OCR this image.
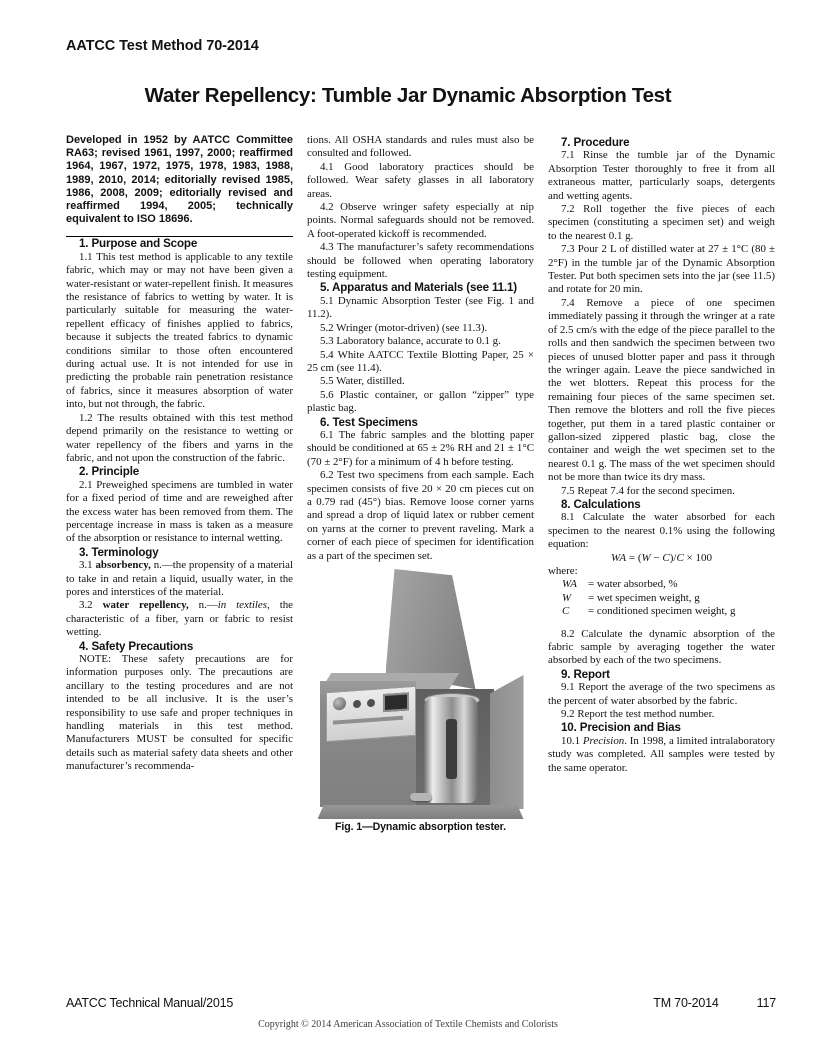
AATCC Test Method 70-2014
Water Repellency: Tumble Jar Dynamic Absorption Test

Developed in 1952 by AATCC Committee RA63; revised 1961, 1997, 2000; reaffirmed 1964, 1967, 1972, 1975, 1978, 1983, 1988, 1989, 2010, 2014; editorially revised 1985, 1986, 2008, 2009; editorially revised and reaffirmed 1994, 2005; technically equivalent to ISO 18696.

1. Purpose and Scope

1.1 This test method is applicable to any textile fabric, which may or may not have been given a water-resistant or water-repellent finish. It measures the resistance of fabrics to wetting by water. It is particularly suitable for measuring the water-repellent efficacy of finishes applied to fabrics, because it subjects the treated fabrics to dynamic conditions similar to those often encountered during actual use. It is not intended for use in predicting the probable rain penetration resistance of fabrics, since it measures absorption of water into, but not through, the fabric.

1.2 The results obtained with this test method depend primarily on the resistance to wetting or water repellency of the fibers and yarns in the fabric, and not upon the construction of the fabric.

2. Principle

2.1 Preweighed specimens are tumbled in water for a fixed period of time and are reweighed after the excess water has been removed from them. The percentage increase in mass is taken as a measure of the absorption or resistance to internal wetting.

3. Terminology

3.1 absorbency, n.—the propensity of a material to take in and retain a liquid, usually water, in the pores and interstices of the material.

3.2 water repellency, n.—in textiles, the characteristic of a fiber, yarn or fabric to resist wetting.

4. Safety Precautions

NOTE: These safety precautions are for information purposes only. The precautions are ancillary to the testing procedures and are not intended to be all inclusive. It is the user’s responsibility to use safe and proper techniques in handling materials in this test method. Manufacturers MUST be consulted for specific details such as material safety data sheets and other manufacturer’s recommenda-

tions. All OSHA standards and rules must also be consulted and followed.

4.1 Good laboratory practices should be followed. Wear safety glasses in all laboratory areas.

4.2 Observe wringer safety especially at nip points. Normal safeguards should not be removed. A foot-operated kickoff is recommended.

4.3 The manufacturer’s safety recommendations should be followed when operating laboratory testing equipment.

5. Apparatus and Materials (see 11.1)

5.1 Dynamic Absorption Tester (see Fig. 1 and 11.2).

5.2 Wringer (motor-driven) (see 11.3).

5.3 Laboratory balance, accurate to 0.1 g.

5.4 White AATCC Textile Blotting Paper, 25 × 25 cm (see 11.4).

5.5 Water, distilled.

5.6 Plastic container, or gallon “zipper” type plastic bag.

6. Test Specimens

6.1 The fabric samples and the blotting paper should be conditioned at 65 ± 2% RH and 21 ± 1°C (70 ± 2°F) for a minimum of 4 h before testing.

6.2 Test two specimens from each sample. Each specimen consists of five 20 × 20 cm pieces cut on a 0.79 rad (45°) bias. Remove loose corner yarns and spread a drop of liquid latex or rubber cement on yarns at the corner to prevent raveling. Mark a corner of each piece of specimen for identification as a part of the specimen set.

Fig. 1—Dynamic absorption tester.

7. Procedure

7.1 Rinse the tumble jar of the Dynamic Absorption Tester thoroughly to free it from all extraneous matter, particularly soaps, detergents and wetting agents.

7.2 Roll together the five pieces of each specimen (constituting a specimen set) and weigh to the nearest 0.1 g.

7.3 Pour 2 L of distilled water at 27 ± 1°C (80 ± 2°F) in the tumble jar of the Dynamic Absorption Tester. Put both specimen sets into the jar (see 11.5) and rotate for 20 min.

7.4 Remove a piece of one specimen immediately passing it through the wringer at a rate of 2.5 cm/s with the edge of the piece parallel to the rolls and then sandwich the specimen between two pieces of unused blotter paper and pass it through the wringer again. Leave the piece sandwiched in the wet blotters. Repeat this process for the remaining four pieces of the same specimen set. Then remove the blotters and roll the five pieces together, put them in a tared plastic container or gallon-sized zippered plastic bag, close the container and weigh the wet specimen set to the nearest 0.1 g. The mass of the wet specimen should not be more than twice its dry mass.

7.5 Repeat 7.4 for the second specimen.

8. Calculations

8.1 Calculate the water absorbed for each specimen to the nearest 0.1% using the following equation:

WA = (W − C)/C × 100

where:

WA	= water absorbed, %
W	= wet specimen weight, g
C	= conditioned specimen weight, g

8.2 Calculate the dynamic absorption of the fabric sample by averaging together the water absorbed by each of the two specimens.

9. Report

9.1 Report the average of the two specimens as the percent of water absorbed by the fabric.

9.2 Report the test method number.

10. Precision and Bias

10.1 Precision. In 1998, a limited intralaboratory study was completed. All samples were tested by the same operator.

AATCC Technical Manual/2015	TM 70-2014	117
Copyright © 2014 American Association of Textile Chemists and Colorists
